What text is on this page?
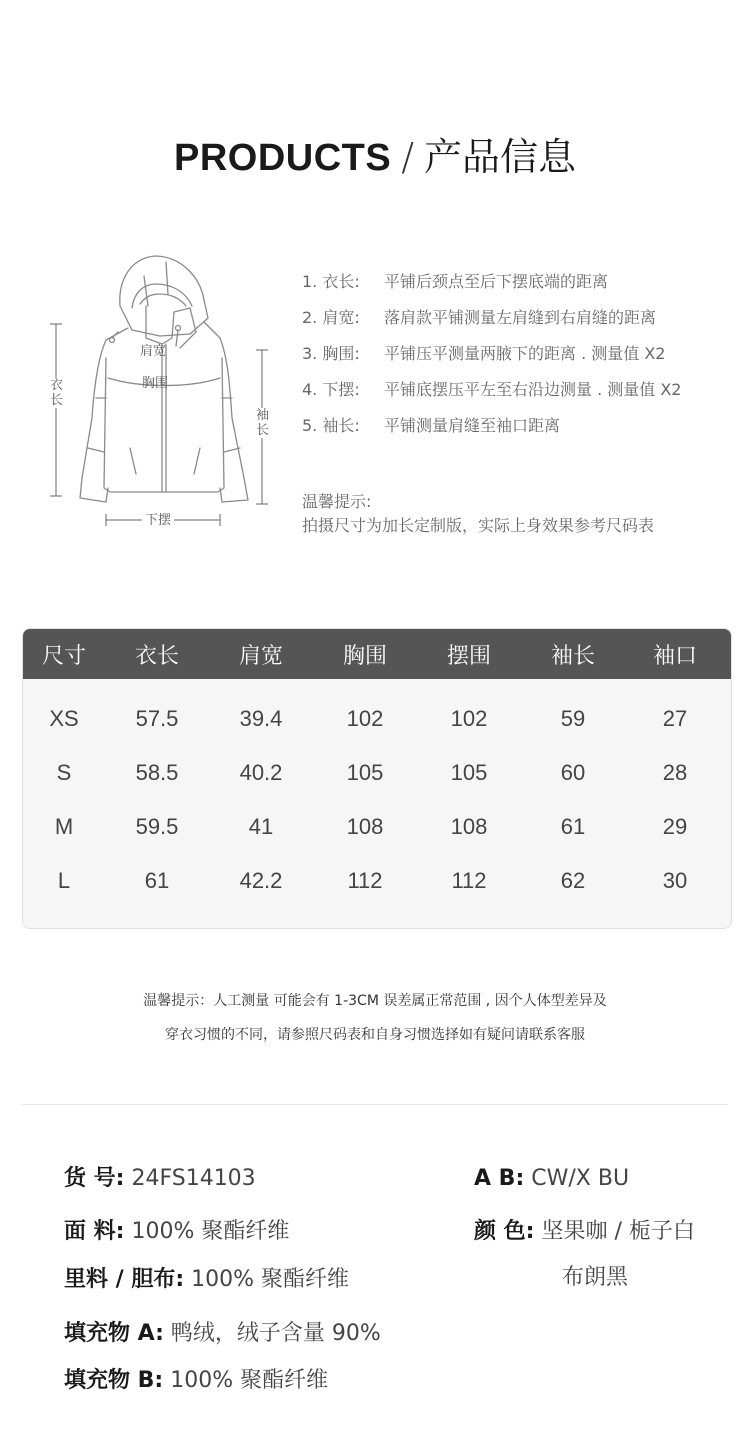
PRODUCTS / 产品信息
肩宽
胸围
衣长
袖长
下摆
1. 衣长: 平铺后颈点至后下摆底端的距离
2. 肩宽: 落肩款平铺测量左肩缝到右肩缝的距离
3. 胸围: 平铺压平测量两腋下的距离 . 测量值 X2
4. 下摆: 平铺底摆压平左至右沿边测量 . 测量值 X2
5. 袖长: 平铺测量肩缝至袖口距离
温馨提示:
拍摄尺寸为加长定制版，实际上身效果参考尺码表
尺寸	衣长	肩宽	胸围	摆围	袖长	袖口
XS	57.5	39.4	102	102	59	27
S	58.5	40.2	105	105	60	28
M	59.5	41	108	108	61	29
L	61	42.2	112	112	62	30
温馨提示：人工测量 可能会有 1-3CM 误差属正常范围 , 因个人体型差异及
穿衣习惯的不同，请参照尺码表和自身习惯选择如有疑问请联系客服
货 号: 24FS14103
面 料: 100% 聚酯纤维
里料 / 胆布: 100% 聚酯纤维
填充物 A: 鸭绒，绒子含量 90%
填充物 B: 100% 聚酯纤维
A B: CW/X BU
颜 色: 坚果咖 / 栀子白
布朗黑
